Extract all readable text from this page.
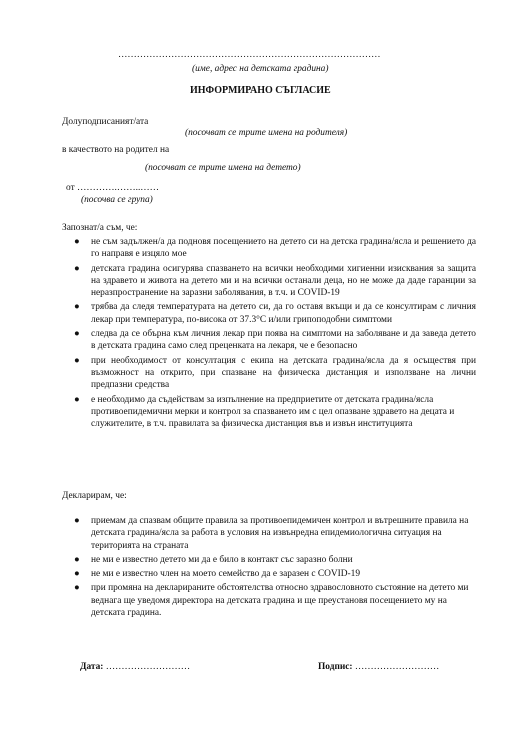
…………………………………………………………………………
(име, адрес на детската градина)
ИНФОРМИРАНО СЪГЛАСИЕ
Долуподписаният/ата
(посочват се трите имена на родителя)
в качеството на родител на
(посочват се трите имена на детето)
от ………….……..……
(посочва се група)
Запознат/а съм, че:
● не съм задължен/а да подновя посещението на детето си на детска градина/ясла и решението да го направя е изцяло мое
● детската градина осигурява спазването на всички необходими хигиенни изисквания за защита на здравето и живота на детето ми и на всички останали деца, но не може да даде гаранции за неразпространение на заразни заболявания, в т.ч. и COVID-19
● трябва да следя температурата на детето си, да го оставя вкъщи и да се консултирам с личния лекар при температура, по-висока от 37.3°С и/или грипоподобни симптоми
● следва да се обърна към личния лекар при поява на симптоми на заболяване и да заведа детето в детската градина само след преценката на лекаря, че е безопасно
● при необходимост от консултация с екипа на детската градина/ясла да я осъществя при възможност на открито, при спазване на физическа дистанция и използване на лични предпазни средства
● е необходимо да съдействам за изпълнение на предприетите от детската градина/ясла противоепидемични мерки и контрол за спазването им с цел опазване здравето на децата и служителите, в т.ч. правилата за физическа дистанция във и извън институцията
Декларирам, че:
● приемам да спазвам общите правила за противоепидемичен контрол и вътрешните правила на детската градина/ясла за работа в условия на извънредна епидемиологична ситуация на територията на страната
● не ми е известно детето ми да е било в контакт със заразно болни
● не ми е известно член на моето семейство да е заразен с COVID-19
● при промяна на декларираните обстоятелства относно здравословното състояние на детето ми веднага ще уведомя директора на детската градина и ще преустановя посещението му на детската градина.
Дата: ………………………	Подпис: ………………………
